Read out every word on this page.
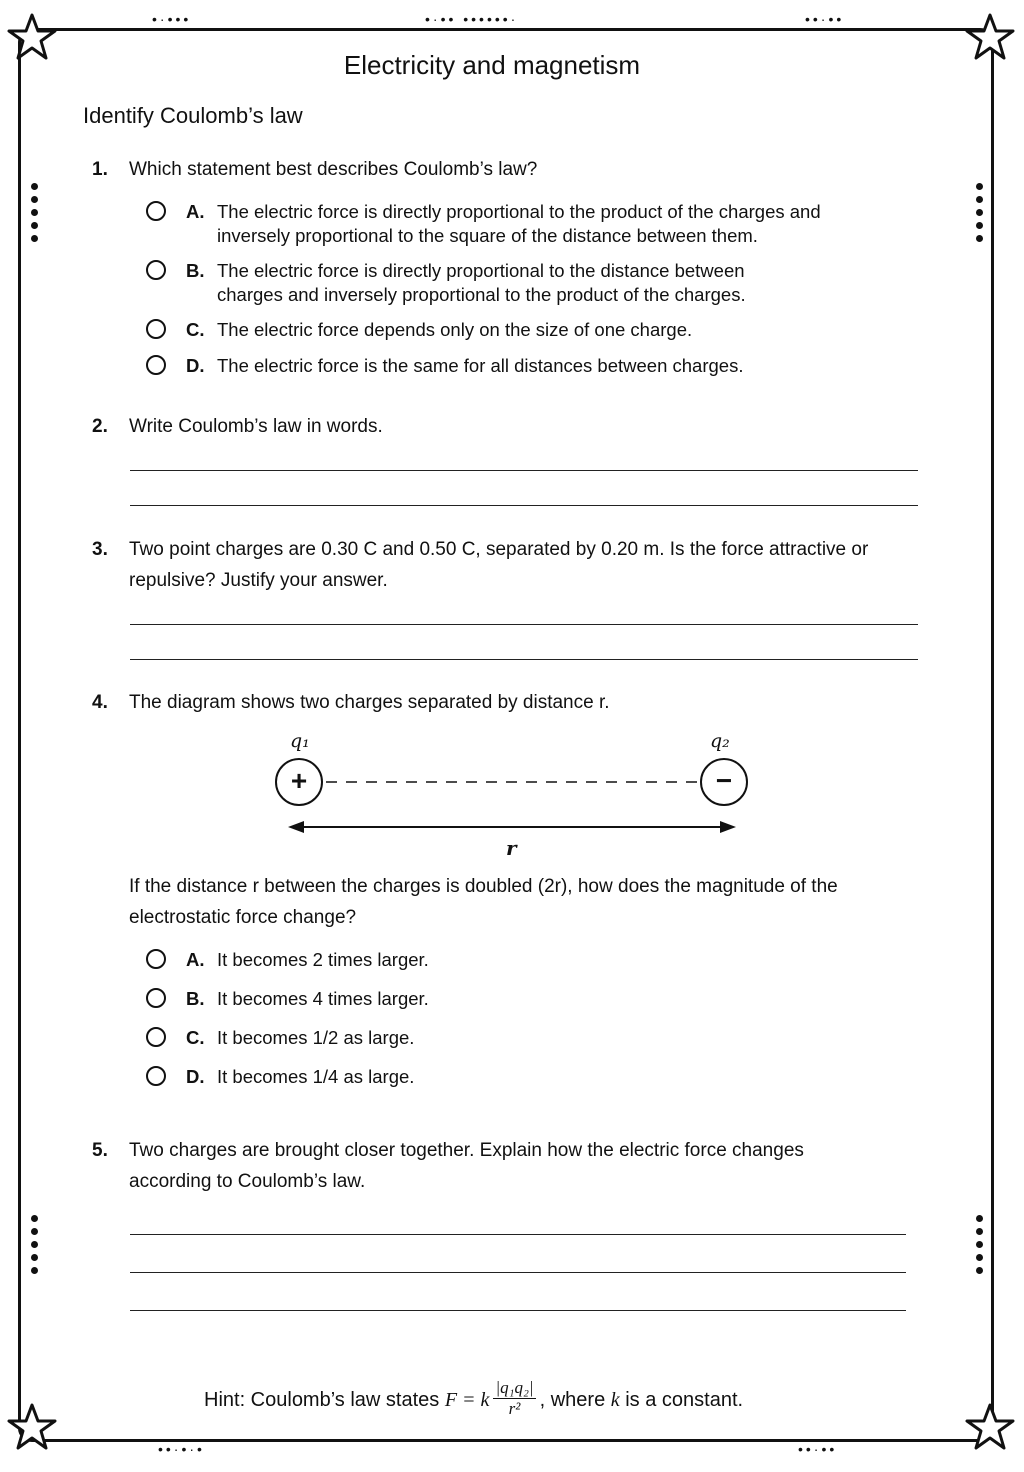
•·•••	•·•• ••••••·	••·••
••·•·•	••·••
Electricity and magnetism
Identify Coulomb’s law
1. Which statement best describes Coulomb’s law?
A. The electric force is directly proportional to the product of the charges and inversely proportional to the square of the distance between them.
B. The electric force is directly proportional to the distance between charges and inversely proportional to the product of the charges.
C. The electric force depends only on the size of one charge.
D. The electric force is the same for all distances between charges.
2. Write Coulomb’s law in words.
3. Two point charges are 0.30 C and 0.50 C, separated by 0.20 m. Is the force attractive or repulsive? Justify your answer.
4. The diagram shows two charges separated by distance r.
q₁	q₂
+	−
r
If the distance r between the charges is doubled (2r), how does the magnitude of the electrostatic force change?
A. It becomes 2 times larger.
B. It becomes 4 times larger.
C. It becomes 1/2 as large.
D. It becomes 1/4 as large.
5. Two charges are brought closer together. Explain how the electric force changes according to Coulomb’s law.
Hint: Coulomb’s law states F = k $\frac{\text{|q₁q₂|}}{\text{r²}}$ , where k is a constant.
